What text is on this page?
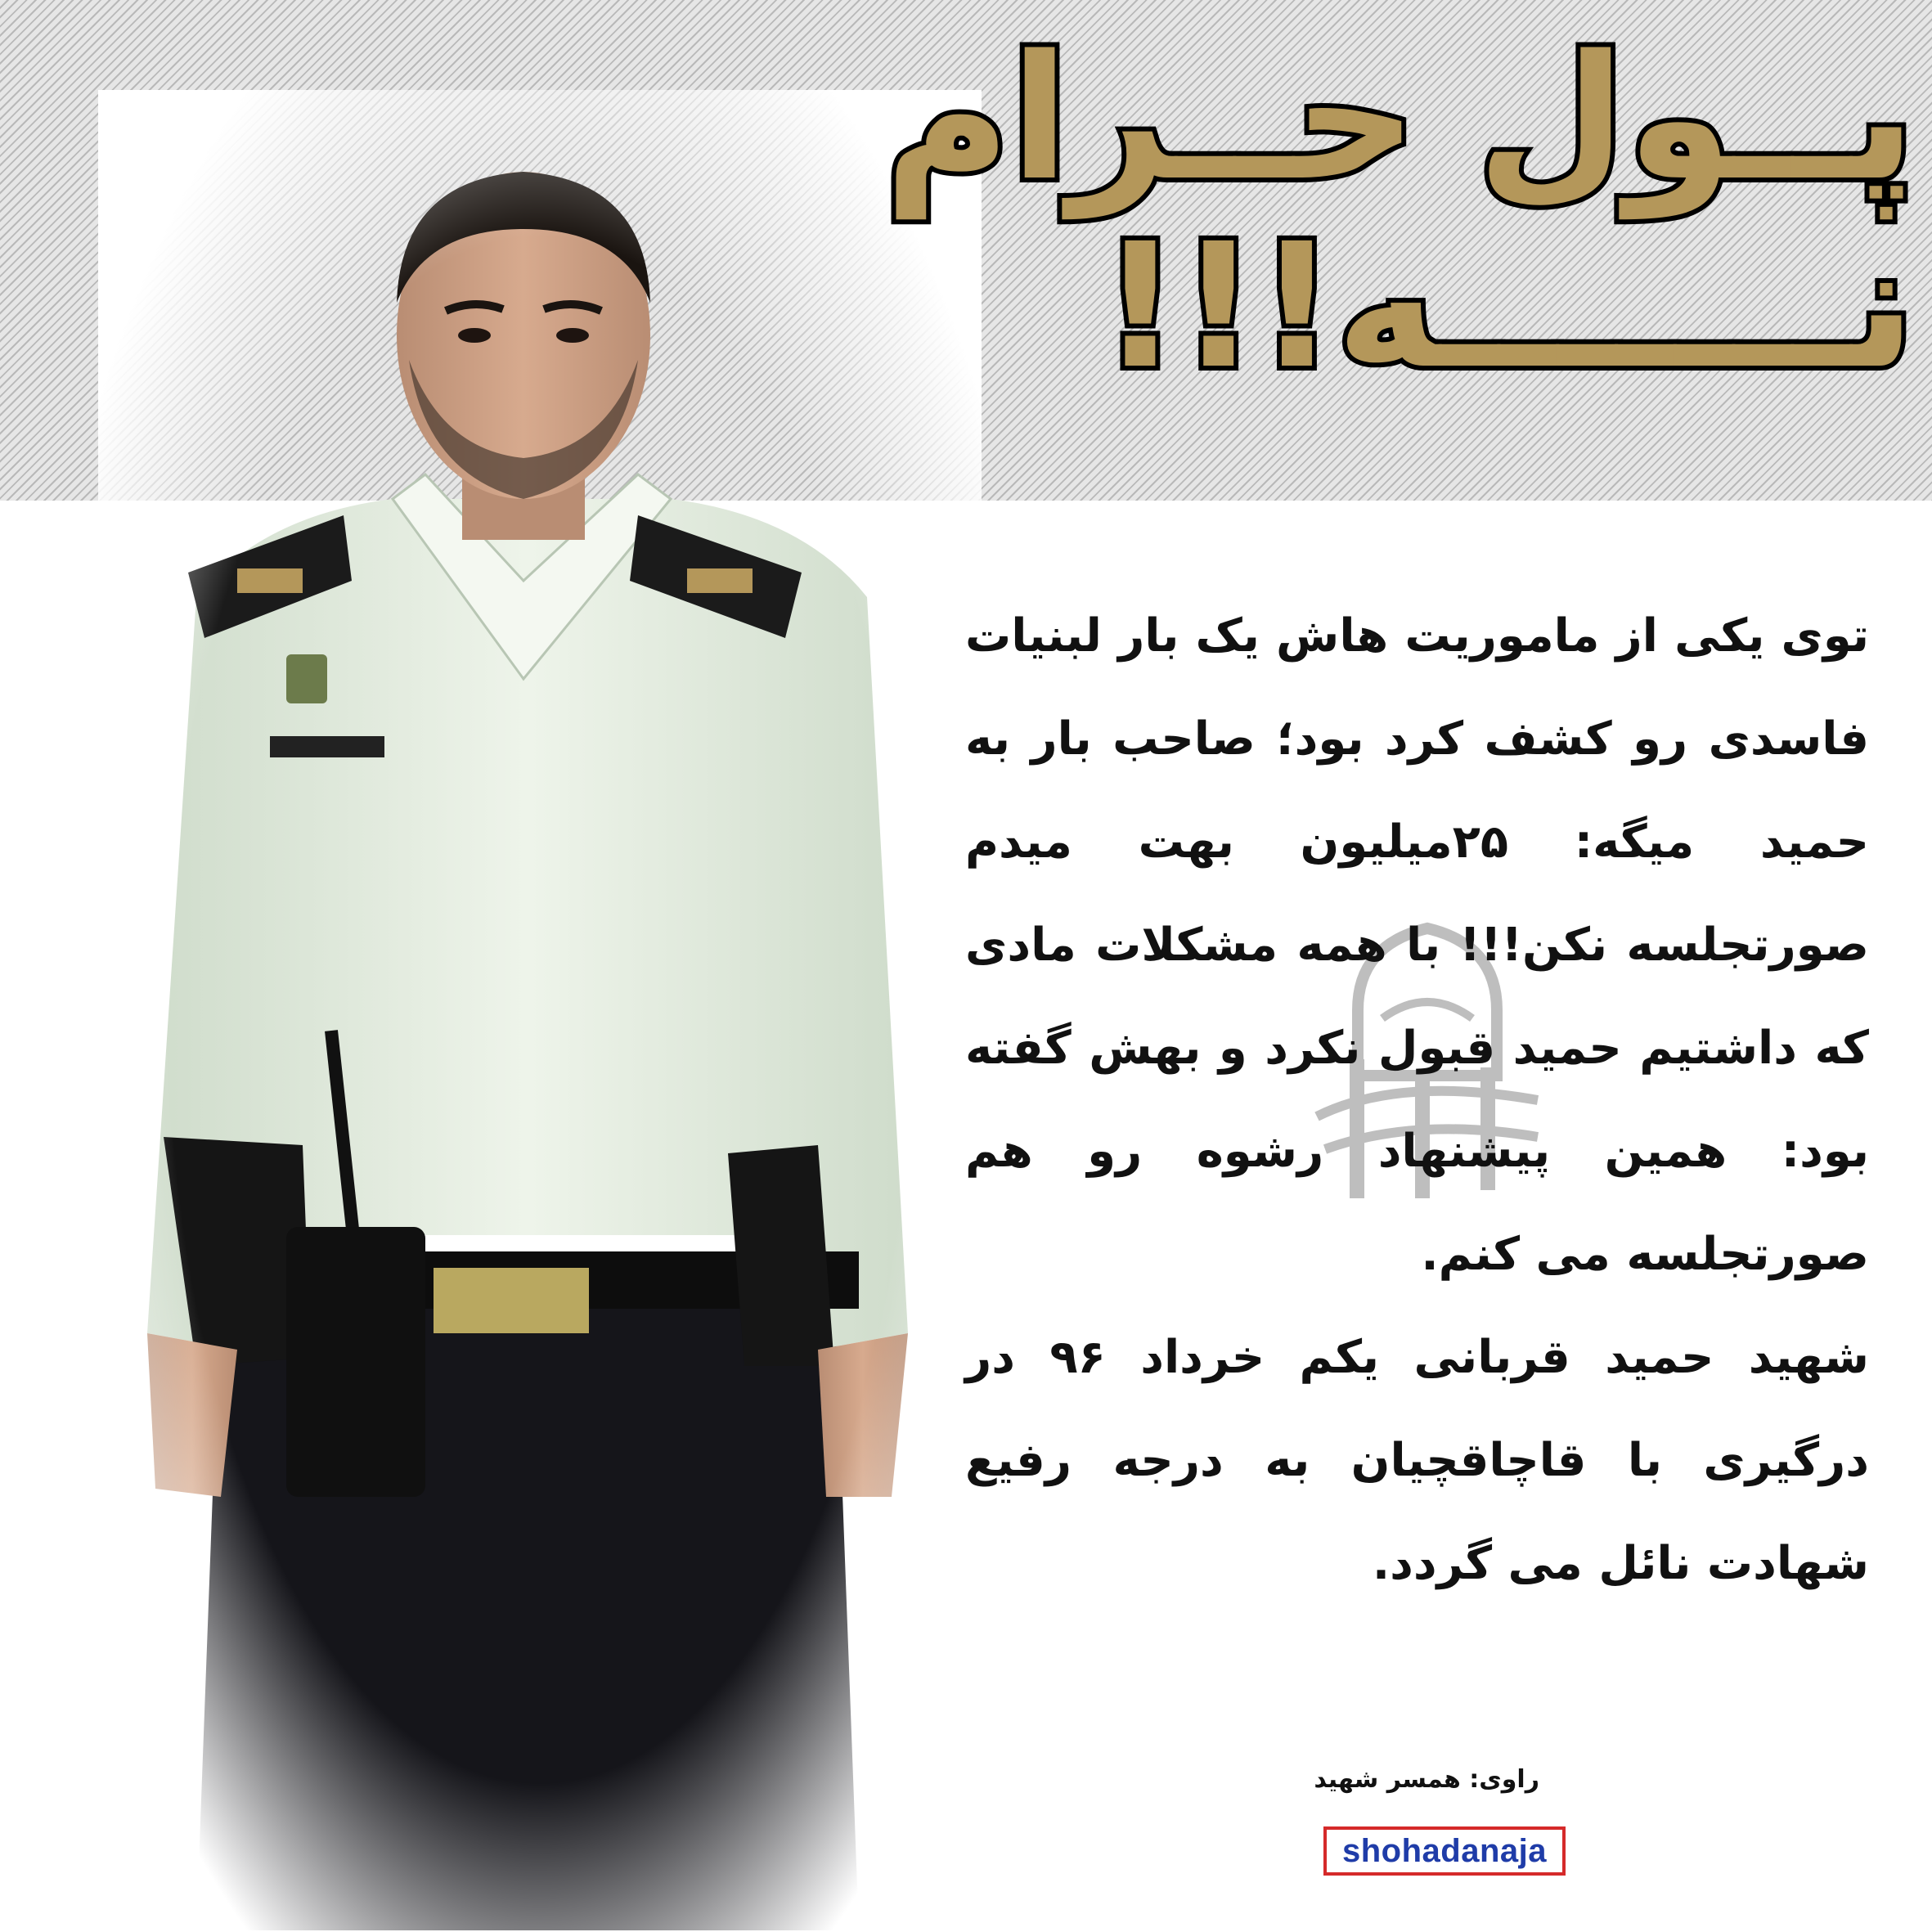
پــول حــرام
نـــــــه!!!
توی یکی از ماموریت هاش یک بار لبنیات فاسدی رو کشف کرد بود؛ صاحب بار به حمید میگه: ۲۵میلیون بهت میدم صورتجلسه نکن!!! با همه مشکلات مادی که داشتیم حمید قبول نکرد و بهش گفته بود: همین پیشنهاد رشوه رو هم صورتجلسه می کنم.
شهید حمید قربانی یکم خرداد ۹۶ در درگیری با قاچاقچیان به درجه رفیع شهادت نائل می گردد.
راوی: همسر شهید
shohadanaja
